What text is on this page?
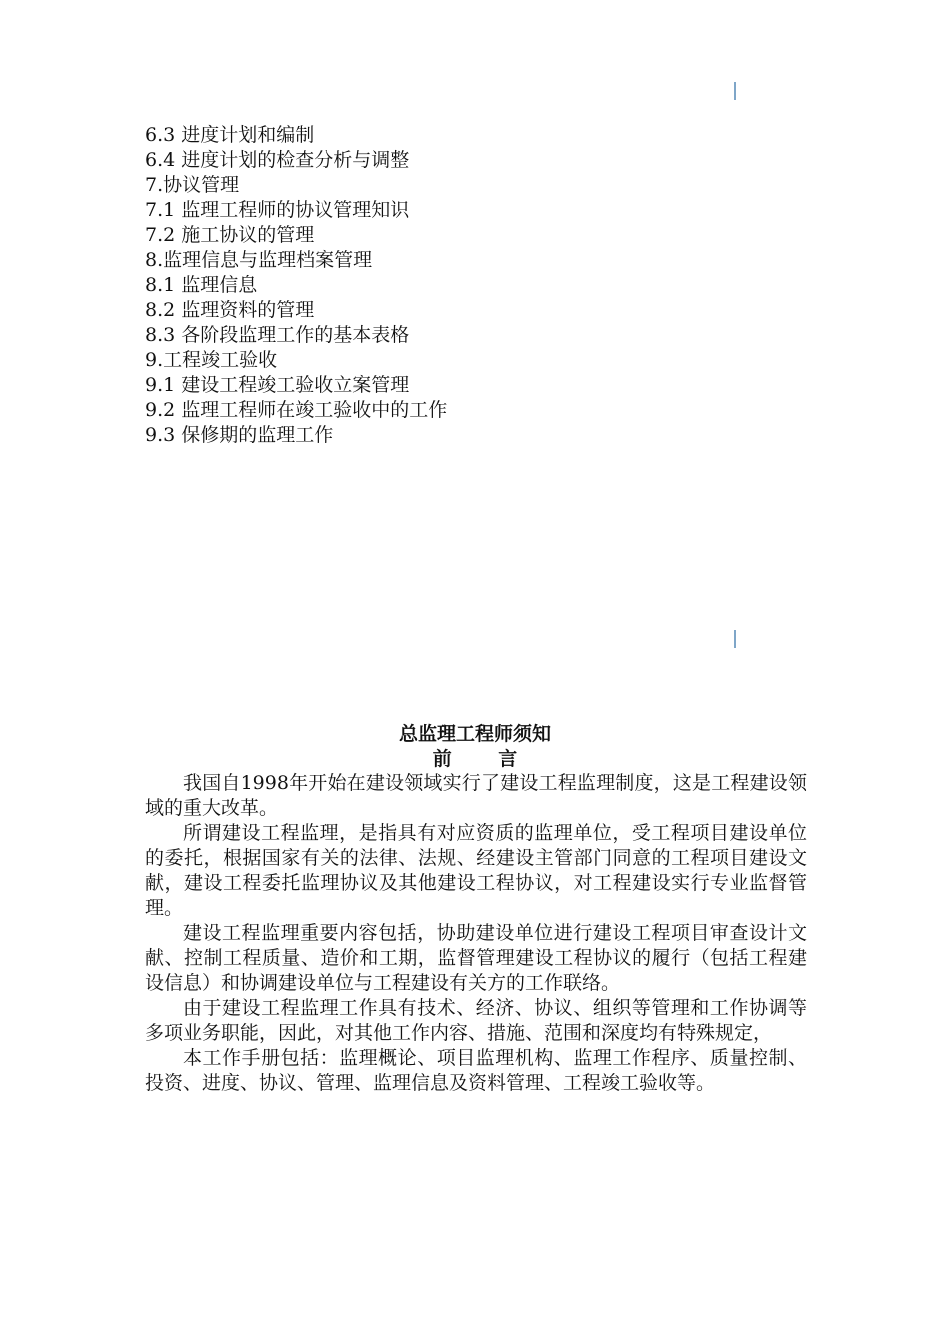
6.3 进度计划和编制
6.4 进度计划的检查分析与调整
7.协议管理
7.1 监理工程师的协议管理知识
7.2 施工协议的管理
8.监理信息与监理档案管理
8.1 监理信息
8.2 监理资料的管理
8.3 各阶段监理工作的基本表格
9.工程竣工验收
9.1 建设工程竣工验收立案管理
9.2 监理工程师在竣工验收中的工作
9.3 保修期的监理工作
总监理工程师须知
前 言

我国自1998年开始在建设领域实行了建设工程监理制度，这是工程建设领域的重大改革。

所谓建设工程监理，是指具有对应资质的监理单位，受工程项目建设单位的委托，根据国家有关的法律、法规、经建设主管部门同意的工程项目建设文献，建设工程委托监理协议及其他建设工程协议，对工程建设实行专业监督管理。

建设工程监理重要内容包括，协助建设单位进行建设工程项目审查设计文献、控制工程质量、造价和工期，监督管理建设工程协议的履行（包括工程建设信息）和协调建设单位与工程建设有关方的工作联络。

由于建设工程监理工作具有技术、经济、协议、组织等管理和工作协调等多项业务职能，因此，对其他工作内容、措施、范围和深度均有特殊规定，

本工作手册包括：监理概论、项目监理机构、监理工作程序、质量控制、投资、进度、协议、管理、监理信息及资料管理、工程竣工验收等。
